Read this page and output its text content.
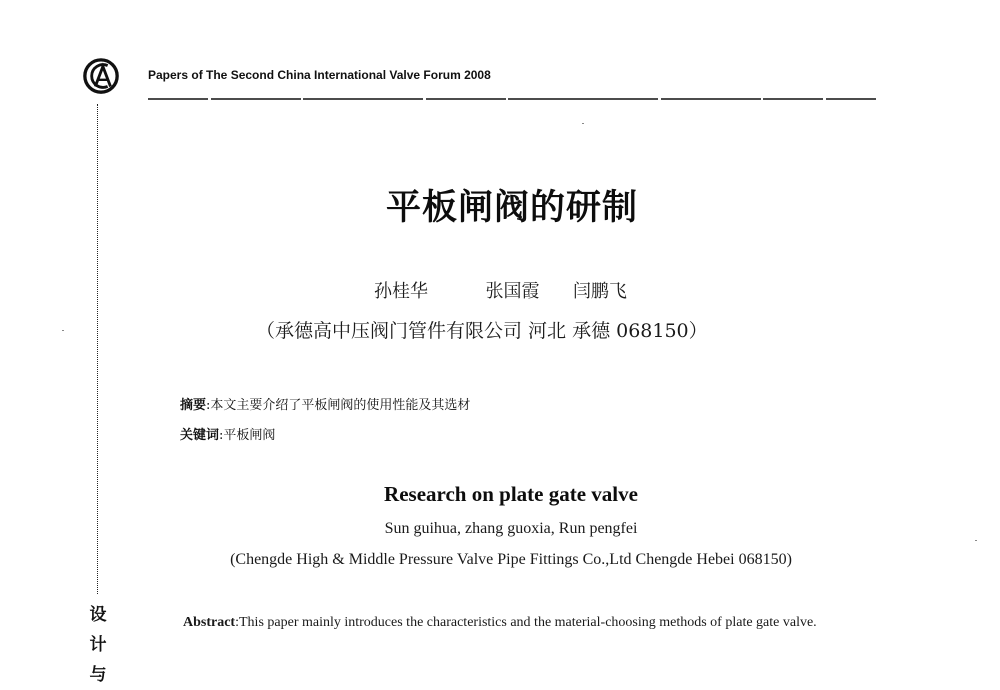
Papers of The Second China International Valve Forum 2008
设
计
与
平板闸阀的研制
孙桂华	张国霞 闫鹏飞
（承德高中压阀门管件有限公司 河北 承德 068150）
摘要:本文主要介绍了平板闸阀的使用性能及其选材
关键词:平板闸阀
Research on plate gate valve
Sun guihua, zhang guoxia, Run pengfei
(Chengde High & Middle Pressure Valve Pipe Fittings Co.,Ltd Chengde Hebei 068150)
Abstract:This paper mainly introduces the characteristics and the material-choosing methods of plate gate valve.
